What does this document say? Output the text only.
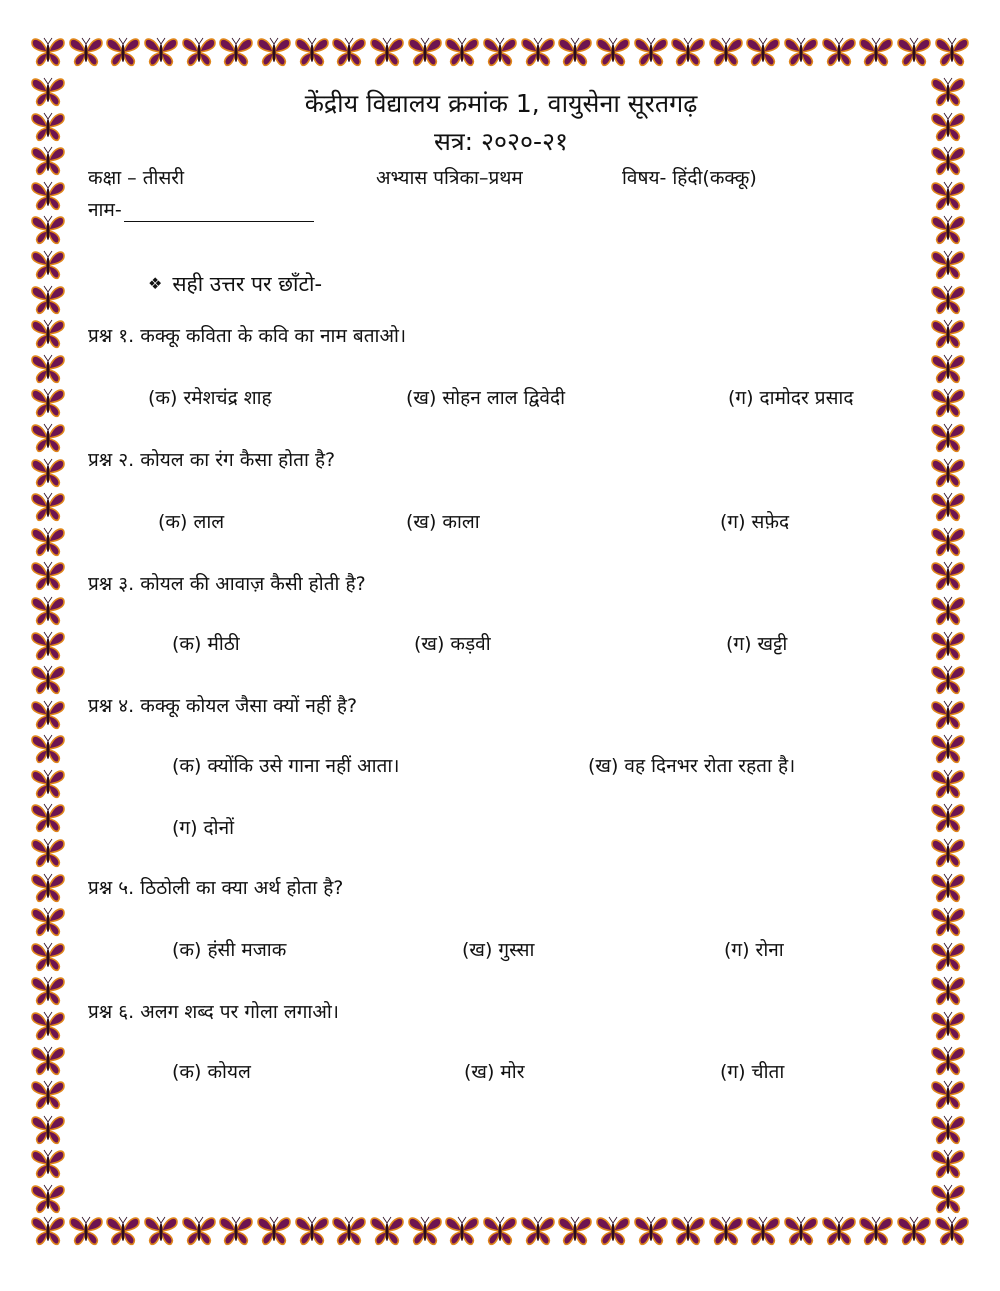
केंद्रीय विद्यालय क्रमांक 1, वायुसेना सूरतगढ़
सत्र: २०२०-२१
कक्षा – तीसरी	अभ्यास पत्रिका–प्रथम	विषय- हिंदी(कक्कू)
नाम-
❖ सही उत्तर पर छाँटो-
प्रश्न १. कक्कू कविता के कवि का नाम बताओ।
(क) रमेशचंद्र शाह	(ख) सोहन लाल द्विवेदी	(ग) दामोदर प्रसाद
प्रश्न २. कोयल का रंग कैसा होता है?
(क) लाल	(ख) काला	(ग) सफ़ेद
प्रश्न ३. कोयल की आवाज़ कैसी होती है?
(क) मीठी	(ख) कड़वी	(ग) खट्टी
प्रश्न ४. कक्कू कोयल जैसा क्यों नहीं है?
(क) क्योंकि उसे गाना नहीं आता।	(ख) वह दिनभर रोता रहता है।
(ग) दोनों
प्रश्न ५. ठिठोली का क्या अर्थ होता है?
(क) हंसी मजाक	(ख) गुस्सा	(ग) रोना
प्रश्न ६. अलग शब्द पर गोला लगाओ।
(क) कोयल	(ख) मोर	(ग) चीता
